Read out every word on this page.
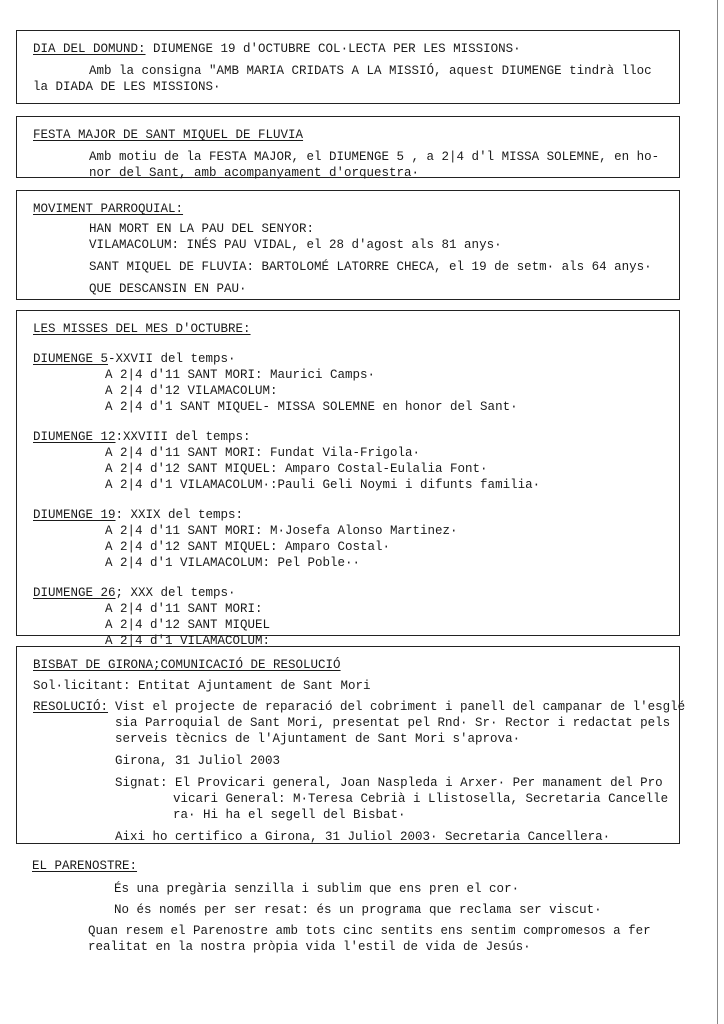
DIA DEL DOMUND: DIUMENGE 19 d'OCTUBRE COL·LECTA PER LES MISSIONS·
Amb la consigna "AMB MARIA CRIDATS A LA MISSIÓ, aquest DIUMENGE tindrà lloc
la DIADA DE LES MISSIONS·
FESTA MAJOR DE SANT MIQUEL DE FLUVIA
Amb motiu de la FESTA MAJOR, el DIUMENGE 5 , a 2|4 d'l MISSA SOLEMNE, en ho-
nor del Sant, amb acompanyament d'orquestra·
MOVIMENT PARROQUIAL:
HAN MORT EN LA PAU DEL SENYOR:
VILAMACOLUM: INÉS PAU VIDAL, el 28 d'agost als 81 anys·
SANT MIQUEL DE FLUVIA: BARTOLOMÉ LATORRE CHECA, el 19 de setm· als 64 anys·
QUE DESCANSIN EN PAU·
LES MISSES DEL MES D'OCTUBRE:
DIUMENGE 5-XXVII del temps·
A 2|4 d'11 SANT MORI: Maurici Camps·
A 2|4 d'12 VILAMACOLUM:
A 2|4 d'1 SANT MIQUEL- MISSA SOLEMNE en honor del Sant·
DIUMENGE 12:XXVIII del temps:
A 2|4 d'11 SANT MORI: Fundat Vila-Frigola·
A 2|4 d'12 SANT MIQUEL: Amparo Costal-Eulalia Font·
A 2|4 d'1 VILAMACOLUM·:Pauli Geli Noymi i difunts familia·
DIUMENGE 19: XXIX del temps:
A 2|4 d'11 SANT MORI: M·Josefa Alonso Martinez·
A 2|4 d'12 SANT MIQUEL: Amparo Costal·
A 2|4 d'1 VILAMACOLUM: Pel Poble··
DIUMENGE 26; XXX del temps·
A 2|4 d'11 SANT MORI:
A 2|4 d'12 SANT MIQUEL
A 2|4 d'1 VILAMACOLUM:
BISBAT DE GIRONA;COMUNICACIÓ DE RESOLUCIÓ
Sol·licitant: Entitat Ajuntament de Sant Mori
RESOLUCIÓ: Vist el projecte de reparació del cobriment i panell del campanar de l'esglé
sia Parroquial de Sant Mori, presentat pel Rnd· Sr· Rector i redactat pels
serveis tècnics de l'Ajuntament de Sant Mori s'aprova·
Girona, 31 Juliol 2003
Signat: El Provicari general, Joan Naspleda i Arxer· Per manament del Pro
vicari General: M·Teresa Cebrià i Llistosella, Secretaria Cancelle
ra· Hi ha el segell del Bisbat·
Aixi ho certifico a Girona, 31 Juliol 2003· Secretaria Cancellera·
EL PARENOSTRE:
És una pregària senzilla i sublim que ens pren el cor·
No és només per ser resat: és un programa que reclama ser viscut·
Quan resem el Parenostre amb tots cinc sentits ens sentim compromesos a fer
realitat en la nostra pròpia vida l'estil de vida de Jesús·
